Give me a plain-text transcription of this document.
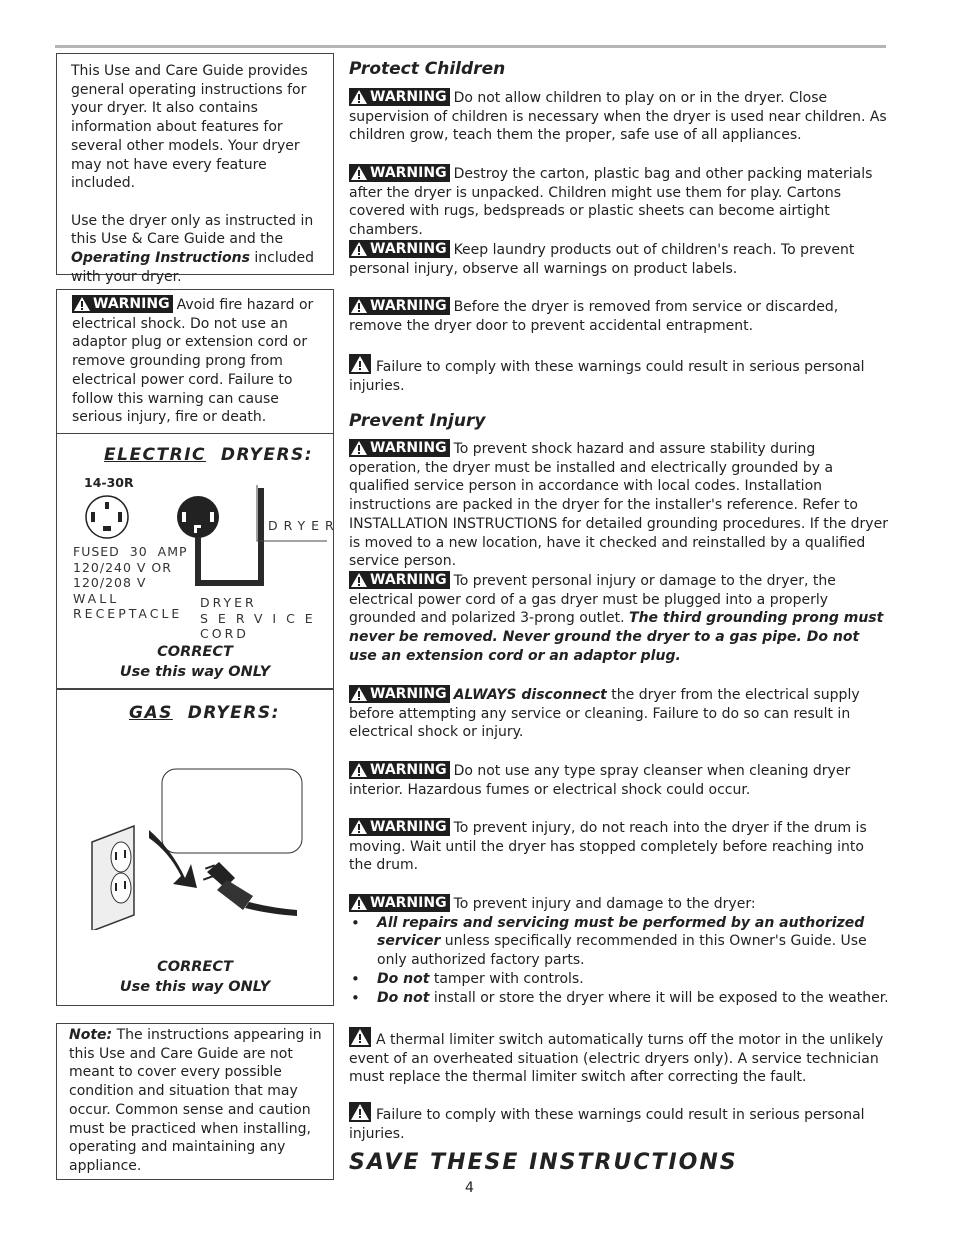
This Use and Care Guide provides general operating instructions for your dryer. It also contains information about features for several other models. Your dryer may not have every feature included.

Use the dryer only as instructed in this Use & Care Guide and the Operating Instructions included with your dryer.

WARNING Avoid fire hazard or electrical shock. Do not use an adaptor plug or extension cord or remove grounding prong from electrical power cord. Failure to follow this warning can cause serious injury, fire or death.
ELECTRIC DRYERS:
14-30R
DRYER
FUSED 30 AMP
120/240 V OR
120/208 V
WALL
RECEPTACLE
DRYER
SERVICE
CORD
CORRECT
Use this way ONLY
GAS DRYERS:
CORRECT
Use this way ONLY

Note: The instructions appearing in this Use and Care Guide are not meant to cover every possible condition and situation that may occur. Common sense and caution must be practiced when installing, operating and maintaining any appliance.

Protect Children

WARNING Do not allow children to play on or in the dryer. Close supervision of children is necessary when the dryer is used near children. As children grow, teach them the proper, safe use of all appliances.

WARNING Destroy the carton, plastic bag and other packing materials after the dryer is unpacked. Children might use them for play. Cartons covered with rugs, bedspreads or plastic sheets can become airtight chambers.

WARNING Keep laundry products out of children's reach. To prevent personal injury, observe all warnings on product labels.

WARNING Before the dryer is removed from service or discarded, remove the dryer door to prevent accidental entrapment.

Failure to comply with these warnings could result in serious personal injuries.

Prevent Injury

WARNING To prevent shock hazard and assure stability during operation, the dryer must be installed and electrically grounded by a qualified service person in accordance with local codes. Installation instructions are packed in the dryer for the installer's reference. Refer to INSTALLATION INSTRUCTIONS for detailed grounding procedures. If the dryer is moved to a new location, have it checked and reinstalled by a qualified service person.

WARNING To prevent personal injury or damage to the dryer, the electrical power cord of a gas dryer must be plugged into a properly grounded and polarized 3-prong outlet. The third grounding prong must never be removed. Never ground the dryer to a gas pipe. Do not use an extension cord or an adaptor plug.

WARNING ALWAYS disconnect the dryer from the electrical supply before attempting any service or cleaning. Failure to do so can result in electrical shock or injury.

WARNING Do not use any type spray cleanser when cleaning dryer interior. Hazardous fumes or electrical shock could occur.

WARNING To prevent injury, do not reach into the dryer if the drum is moving. Wait until the dryer has stopped completely before reaching into the drum.

WARNING To prevent injury and damage to the dryer:

• All repairs and servicing must be performed by an authorized servicer unless specifically recommended in this Owner's Guide. Use only authorized factory parts.
• Do not tamper with controls.
• Do not install or store the dryer where it will be exposed to the weather.

A thermal limiter switch automatically turns off the motor in the unlikely event of an overheated situation (electric dryers only). A service technician must replace the thermal limiter switch after correcting the fault.

Failure to comply with these warnings could result in serious personal injuries.

SAVE THESE INSTRUCTIONS
4
